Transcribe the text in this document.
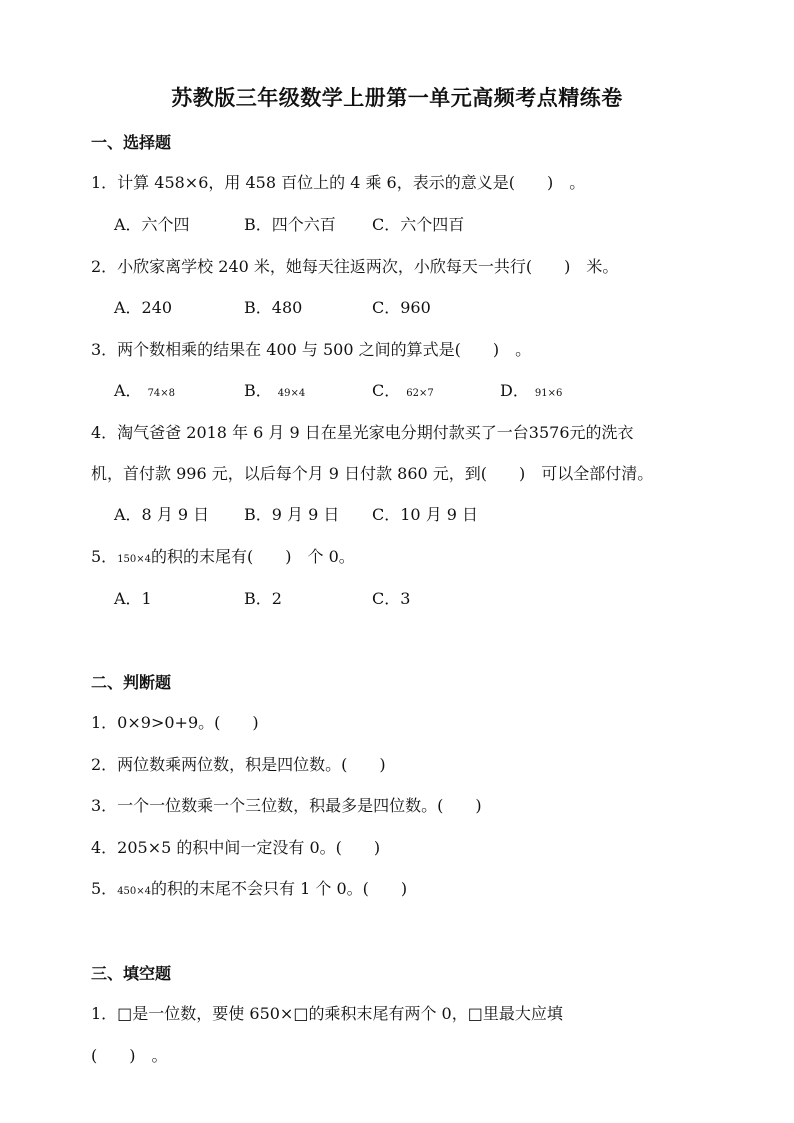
苏教版三年级数学上册第一单元高频考点精练卷
一、选择题
1．计算 458×6，用 458 百位上的 4 乘 6，表示的意义是(　　)　。
A．六个四	B．四个六百 C．六个四百
2．小欣家离学校 240 米，她每天往返两次，小欣每天一共行(　　)　米。
A．240	B．480	C．960
3．两个数相乘的结果在 400 与 500 之间的算式是(　　)　。
A． 74×8	B． 49×4	C． 62×7	D． 91×6
4．淘气爸爸 2018 年 6 月 9 日在星光家电分期付款买了一台3576元的洗衣
机，首付款 996 元，以后每个月 9 日付款 860 元，到(　　)　可以全部付清。
A．8 月 9 日 B．9 月 9 日 C．10 月 9 日
5．150×4的积的末尾有(　　)　个 0。
A．1	B．2	C．3
二、判断题
1．0×9>0+9。(　　)
2．两位数乘两位数，积是四位数。(　　)
3．一个一位数乘一个三位数，积最多是四位数。(　　)
4．205×5 的积中间一定没有 0。(　　)
5．450×4的积的末尾不会只有 1 个 0。(　　)
三、填空题
1．□是一位数，要使 650×□的乘积末尾有两个 0，□里最大应填
(　　)　。
